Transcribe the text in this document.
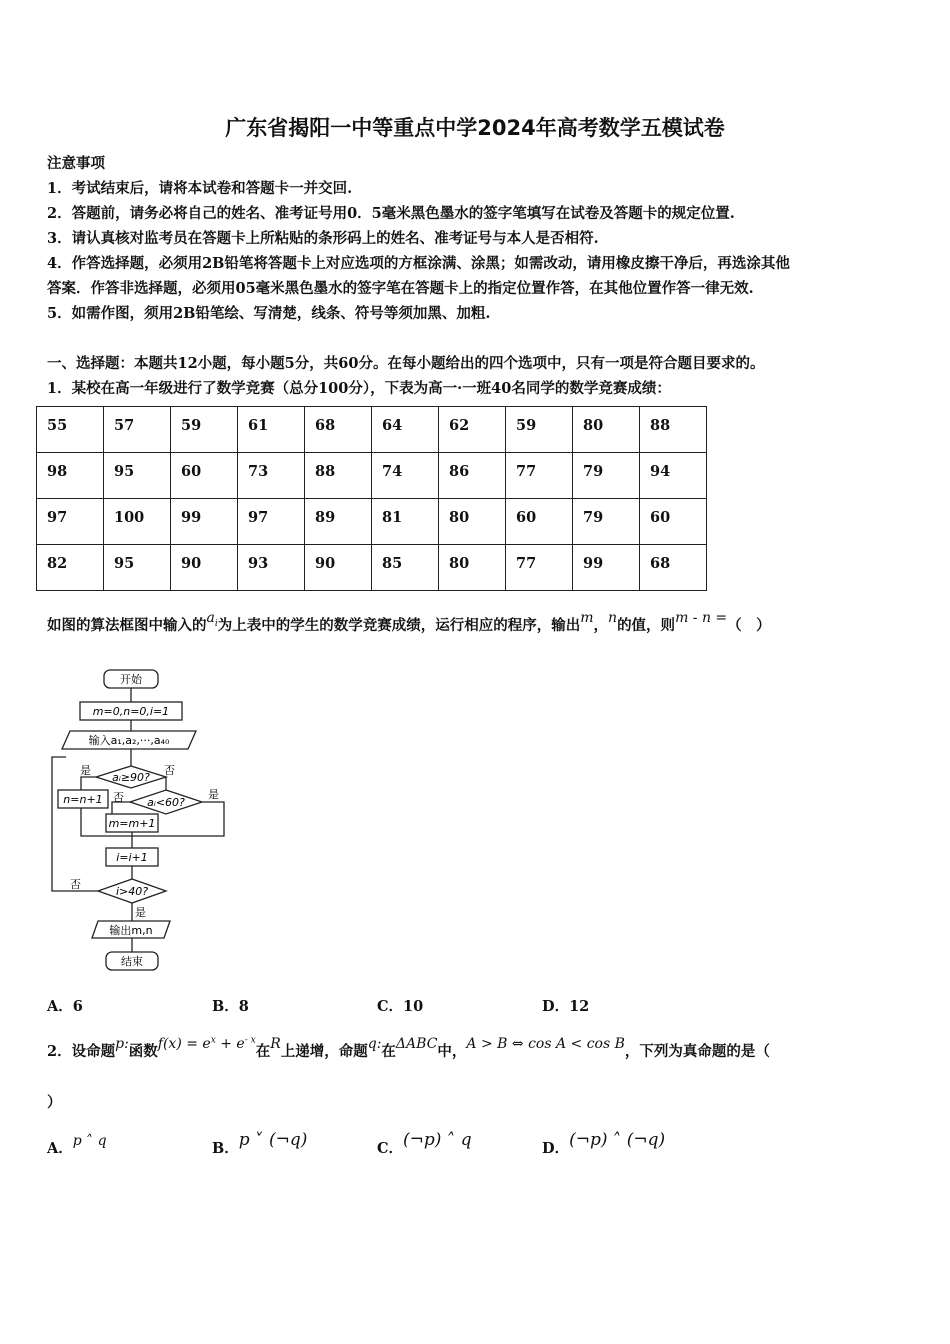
广东省揭阳一中等重点中学2024年高考数学五模试卷
注意事项
1．考试结束后，请将本试卷和答题卡一并交回.
2．答题前，请务必将自己的姓名、准考证号用0．5毫米黑色墨水的签字笔填写在试卷及答题卡的规定位置.
3．请认真核对监考员在答题卡上所粘贴的条形码上的姓名、准考证号与本人是否相符.
4．作答选择题，必须用2B铅笔将答题卡上对应选项的方框涂满、涂黑；如需改动，请用橡皮擦干净后，再选涂其他
答案．作答非选择题，必须用05毫米黑色墨水的签字笔在答题卡上的指定位置作答，在其他位置作答一律无效.
5．如需作图，须用2B铅笔绘、写清楚，线条、符号等须加黑、加粗.
一、选择题：本题共12小题，每小题5分，共60分。在每小题给出的四个选项中，只有一项是符合题目要求的。
1．某校在高一年级进行了数学竞赛（总分100分），下表为高一·一班40名同学的数学竞赛成绩：
55	57	59	61	68	64	62	59	80	88
98	95	60	73	88	74	86	77	79	94
97	100	99	97	89	81	80	60	79	60
82	95	90	93	90	85	80	77	99	68
如图的算法框图中输入的$a_i$为上表中的学生的数学竞赛成绩，运行相应的程序，输出m，n的值，则m - n =（　）
开始
m=0,n=0,i=1
输入a₁,a₂,···,a₄₀
aᵢ≥90?
是	否
n=n+1	aᵢ<60?
否	是
m=m+1
i=i+1
i>40?
否
是
输出m,n
结束
A．6	B．8	C．10	D．12
2．设命题p:函数$f(x) = e^x + e^{- x}$在R上递增，命题q:在ΔABC中，A > B ⇔ cos A < cos B，下列为真命题的是（
）
A．p ˄ q	B．p ˅ (¬q)	C．(¬p) ˄ q	D．(¬p) ˄ (¬q)
